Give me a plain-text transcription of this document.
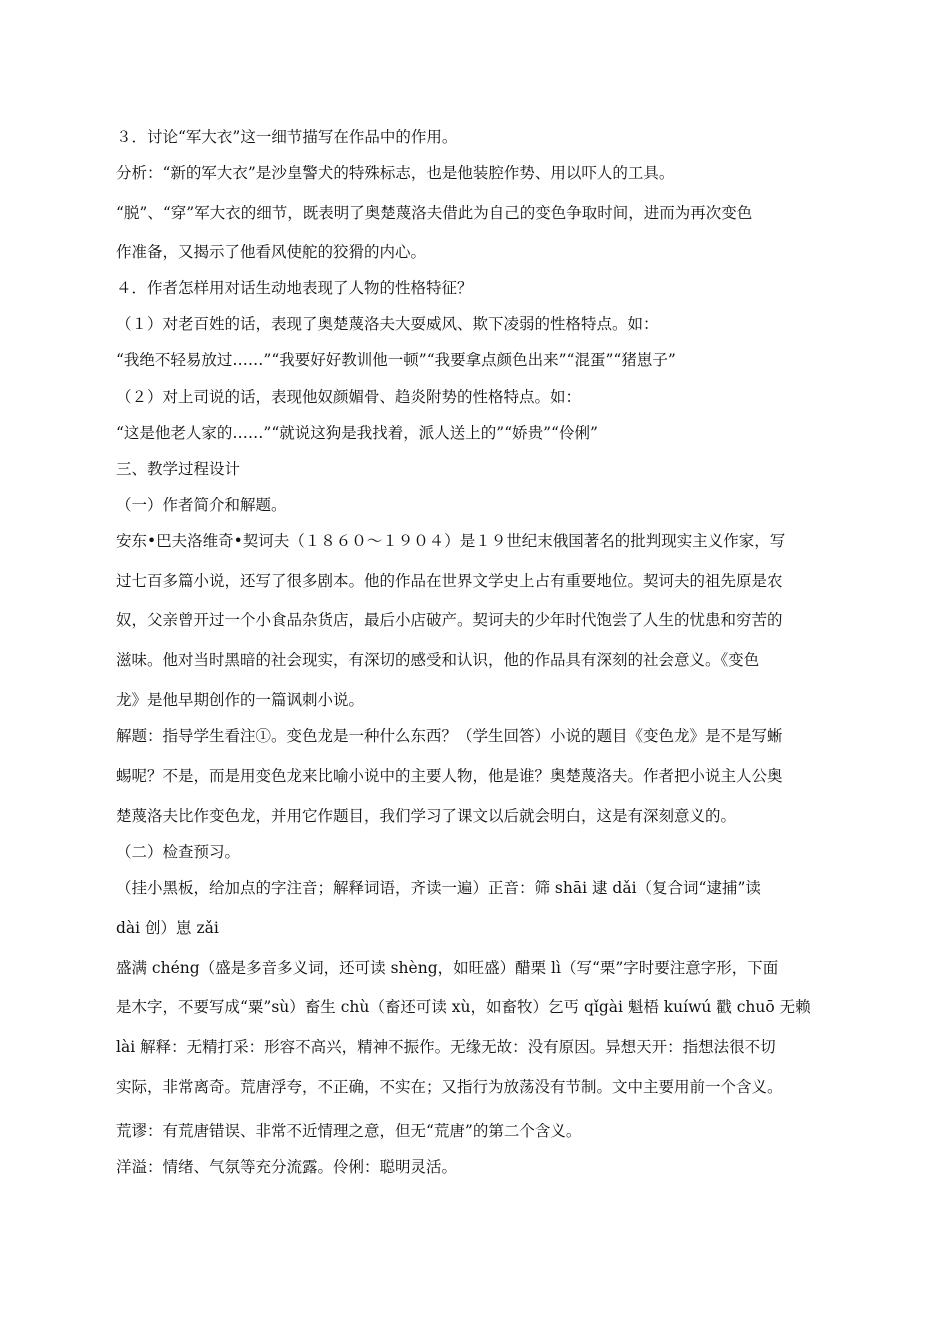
３．讨论“军大衣”这一细节描写在作品中的作用。
分析：“新的军大衣”是沙皇警犬的特殊标志，也是他装腔作势、用以吓人的工具。
“脱”、“穿”军大衣的细节，既表明了奥楚蔑洛夫借此为自己的变色争取时间，进而为再次变色
作准备，又揭示了他看风使舵的狡猾的内心。
４．作者怎样用对话生动地表现了人物的性格特征？
（１）对老百姓的话，表现了奥楚蔑洛夫大耍威风、欺下凌弱的性格特点。如：
“我绝不轻易放过……”“我要好好教训他一顿”“我要拿点颜色出来”“混蛋”“猪崽子”
（２）对上司说的话，表现他奴颜媚骨、趋炎附势的性格特点。如：
“这是他老人家的……”“就说这狗是我找着，派人送上的”“娇贵”“伶俐”
三、教学过程设计
（一）作者简介和解题。
安东•巴夫洛维奇•契诃夫（１８６０～１９０４）是１９世纪末俄国著名的批判现实主义作家，写
过七百多篇小说，还写了很多剧本。他的作品在世界文学史上占有重要地位。契诃夫的祖先原是农
奴，父亲曾开过一个小食品杂货店，最后小店破产。契诃夫的少年时代饱尝了人生的忧患和穷苦的
滋味。他对当时黑暗的社会现实，有深切的感受和认识，他的作品具有深刻的社会意义。《变色
龙》是他早期创作的一篇讽刺小说。
解题：指导学生看注①。变色龙是一种什么东西？（学生回答）小说的题目《变色龙》是不是写蜥
蜴呢？不是，而是用变色龙来比喻小说中的主要人物，他是谁？奥楚蔑洛夫。作者把小说主人公奥
楚蔑洛夫比作变色龙，并用它作题目，我们学习了课文以后就会明白，这是有深刻意义的。
（二）检查预习。
（挂小黑板，给加点的字注音；解释词语，齐读一遍）正音：筛 shāi 逮 dǎi（复合词“逮捕”读
dài 创）崽 zǎi
盛满 chéng（盛是多音多义词，还可读 shèng，如旺盛）醋栗 lì（写“栗”字时要注意字形，下面
是木字，不要写成“粟”sù）畜生 chù（畜还可读 xù，如畜牧）乞丐 qǐgài 魁梧 kuíwú 戳 chuō 无赖
lài 解释：无精打采：形容不高兴，精神不振作。无缘无故：没有原因。异想天开：指想法很不切
实际，非常离奇。荒唐浮夸，不正确，不实在；又指行为放荡没有节制。文中主要用前一个含义。
荒谬：有荒唐错误、非常不近情理之意，但无“荒唐”的第二个含义。
洋溢：情绪、气氛等充分流露。伶俐：聪明灵活。
